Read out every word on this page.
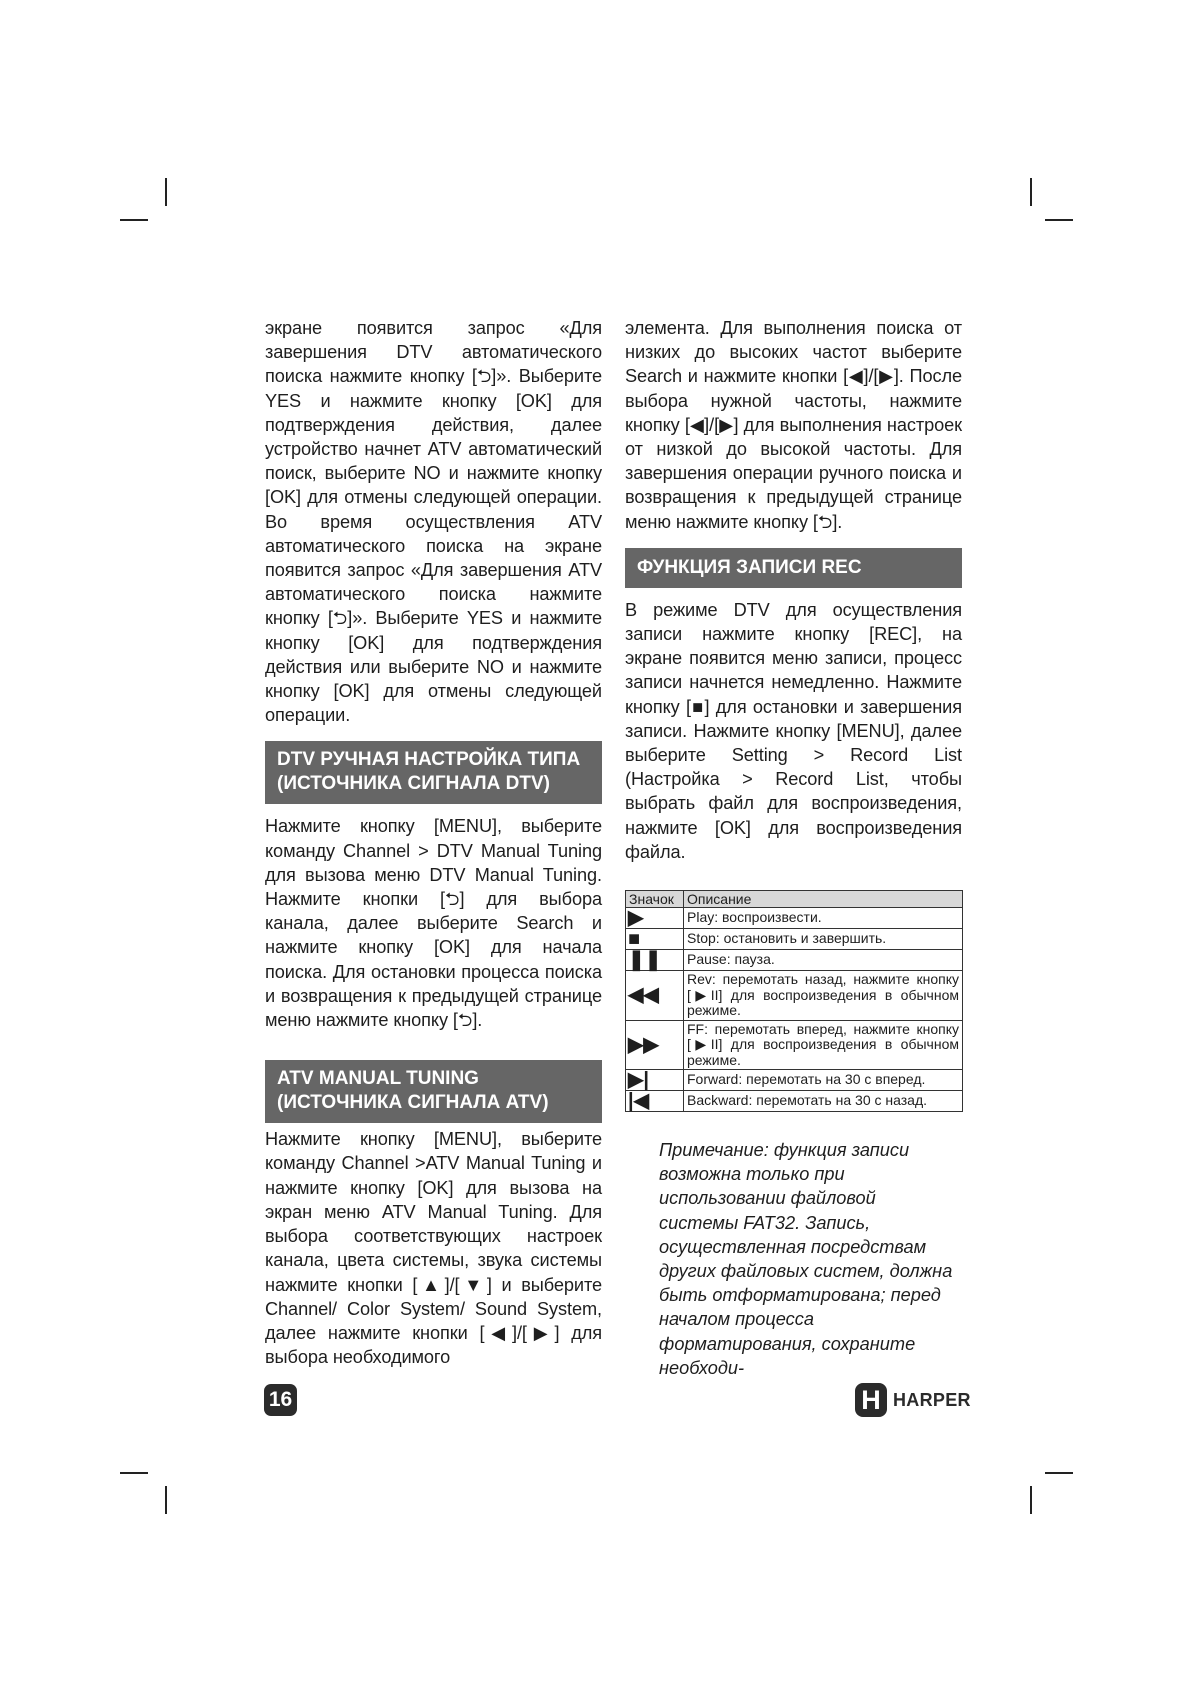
экране появится запрос «Для завершения DTV автоматического поиска нажмите кнопку [⮌]». Выберите YES и нажмите кнопку [OK] для подтверждения действия, далее устройство начнет ATV автоматический поиск, выберите NO и нажмите кнопку [OK] для отмены следующей операции. Во время осуществления ATV автоматического поиска на экране появится запрос «Для завершения ATV автоматического поиска нажмите кнопку [⮌]». Выберите YES и нажмите кнопку [OK] для подтверждения действия или выберите NO и нажмите кнопку [OK] для отмены следующей операции.

DTV РУЧНАЯ НАСТРОЙКА ТИПА (ИСТОЧНИКА СИГНАЛА DTV)

Нажмите кнопку [MENU], выберите команду Channel > DTV Manual Tuning для вызова меню DTV Manual Tuning. Нажмите кнопки [⮌] для выбора канала, далее выберите Search и нажмите кнопку [OK] для начала поиска. Для остановки процесса поиска и возвращения к предыдущей странице меню нажмите кнопку [⮌].

ATV MANUAL TUNING (ИСТОЧНИКА СИГНАЛА ATV)

Нажмите кнопку [MENU], выберите команду Channel >ATV Manual Tuning и нажмите кнопку [OK] для вызова на экран меню ATV Manual Tuning. Для выбора соответствующих настроек канала, цвета системы, звука системы нажмите кнопки [▲]/[▼] и выберите Channel/ Color System/ Sound System, далее нажмите кнопки [◀]/[▶] для выбора необходимого

элемента. Для выполнения поиска от низких до высоких частот выберите Search и нажмите кнопки [◀]/[▶]. После выбора нужной частоты, нажмите кнопку [◀]/[▶] для выполнения настроек от низкой до высокой частоты. Для завершения операции ручного поиска и возвращения к предыдущей странице меню нажмите кнопку [⮌].

ФУНКЦИЯ ЗАПИСИ REC

В режиме DTV для осуществления записи нажмите кнопку [REC], на экране появится меню записи, процесс записи начнется немедленно. Нажмите кнопку [■] для остановки и завершения записи. Нажмите кнопку [MENU], далее выберите Setting > Record List (Настройка > Record List, чтобы выбрать файл для воспроизведения, нажмите [OK] для воспроизведения файла.

Значок	Описание
▶	Play: воспроизвести.
■	Stop: остановить и завершить.
❚❚	Pause: пауза.
◀◀	Rev: перемотать назад, нажмите кнопку [▶II] для воспроизведения в обычном режиме.
▶▶	FF: перемотать вперед, нажмите кнопку [▶II] для воспроизведения в обычном режиме.
▶|	Forward: перемотать на 30 с вперед.
|◀	Backward: перемотать на 30 с назад.

Примечание: функция записи возможна только при использовании файловой системы FAT32. Запись, осуществленная посредствам других файловых систем, должна быть отформатирована; перед началом процесса форматирования, сохраните необходи-

16	H HARPER
